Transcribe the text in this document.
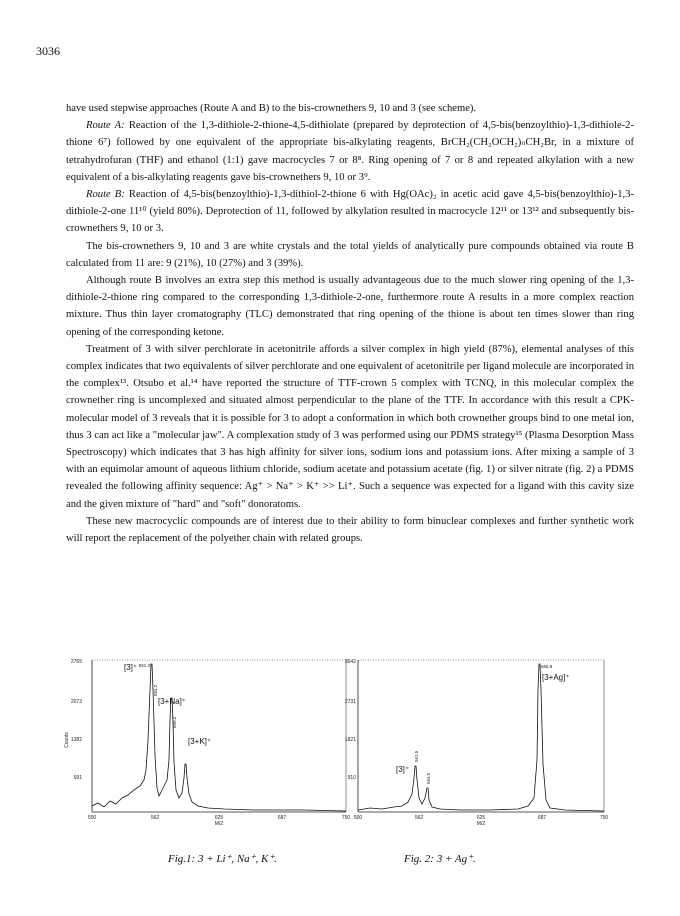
3036

have used stepwise approaches (Route A and B) to the bis-crownethers 9, 10 and 3 (see scheme).

Route A: Reaction of the 1,3-dithiole-2-thione-4,5-dithiolate (prepared by deprotection of 4,5-bis(benzoylthio)-1,3-dithiole-2-thione 6⁷) followed by one equivalent of the appropriate bis-alkylating reagents, BrCH₂(CH₂OCH₂)ₙCH₂Br, in a mixture of tetrahydrofuran (THF) and ethanol (1:1) gave macrocycles 7 or 8⁸. Ring opening of 7 or 8 and repeated alkylation with a new equivalent of a bis-alkylating reagents gave bis-crownethers 9, 10 or 3⁹.

Route B: Reaction of 4,5-bis(benzoylthio)-1,3-dithiol-2-thione 6 with Hg(OAc)₂ in acetic acid gave 4,5-bis(benzoylthio)-1,3-dithiole-2-one 11¹⁰ (yield 80%). Deprotection of 11, followed by alkylation resulted in macrocycle 12¹¹ or 13¹² and subsequently bis-crownethers 9, 10 or 3.

The bis-crownethers 9, 10 and 3 are white crystals and the total yields of analytically pure compounds obtained via route B calculated from 11 are: 9 (21%), 10 (27%) and 3 (39%).

Although route B involves an extra step this method is usually advantageous due to the much slower ring opening of the 1,3-dithiole-2-thione ring compared to the corresponding 1,3-dithiole-2-one, furthermore route A results in a more complex reaction mixture. Thus thin layer cromatography (TLC) demonstrated that ring opening of the thione is about ten times slower than ring opening of the corresponding ketone.

Treatment of 3 with silver perchlorate in acetonitrile affords a silver complex in high yield (87%), elemental analyses of this complex indicates that two equivalents of silver perchlorate and one equivalent of acetonitrile per ligand molecule are incorporated in the complex¹³. Otsubo et al.¹⁴ have reported the structure of TTF-crown 5 complex with TCNQ, in this molecular complex the crownether ring is uncomplexed and situated almost perpendicular to the plane of the TTF. In accordance with this result a CPK-molecular model of 3 reveals that it is possible for 3 to adopt a conformation in which both crownether groups bind to one metal ion, thus 3 can act like a "molecular jaw". A complexation study of 3 was performed using our PDMS strategy¹⁵ (Plasma Desorption Mass Spectroscopy) which indicates that 3 has high affinity for silver ions, sodium ions and potassium ions. After mixing a sample of 3 with an equimolar amount of aqueous lithium chloride, sodium acetate and potassium acetate (fig. 1) or silver nitrate (fig. 2) a PDMS revealed the following affinity sequence: Ag⁺ > Na⁺ > K⁺ >> Li⁺. Such a sequence was expected for a ligand with this cavity size and the given mixture of "hard" and "soft" donoratoms.

These new macrocyclic compounds are of interest due to their ability to form binuclear complexes and further synthetic work will report the replacement of the polyether chain with related groups.

2765
2073
1382
691
Counts
500	562	625	687	750
M/Z
561.3
584.2
600.2
[3]⁺
[3+Na]⁺
[3+K]⁺
3642
2731
1821
910
500	562	625	687	750
M/Z
668.8
561.5
584.5
[3+Ag]⁺
[3]⁺
Fig.1: 3 + Li⁺, Na⁺, K⁺.	Fig. 2: 3 + Ag⁺.
